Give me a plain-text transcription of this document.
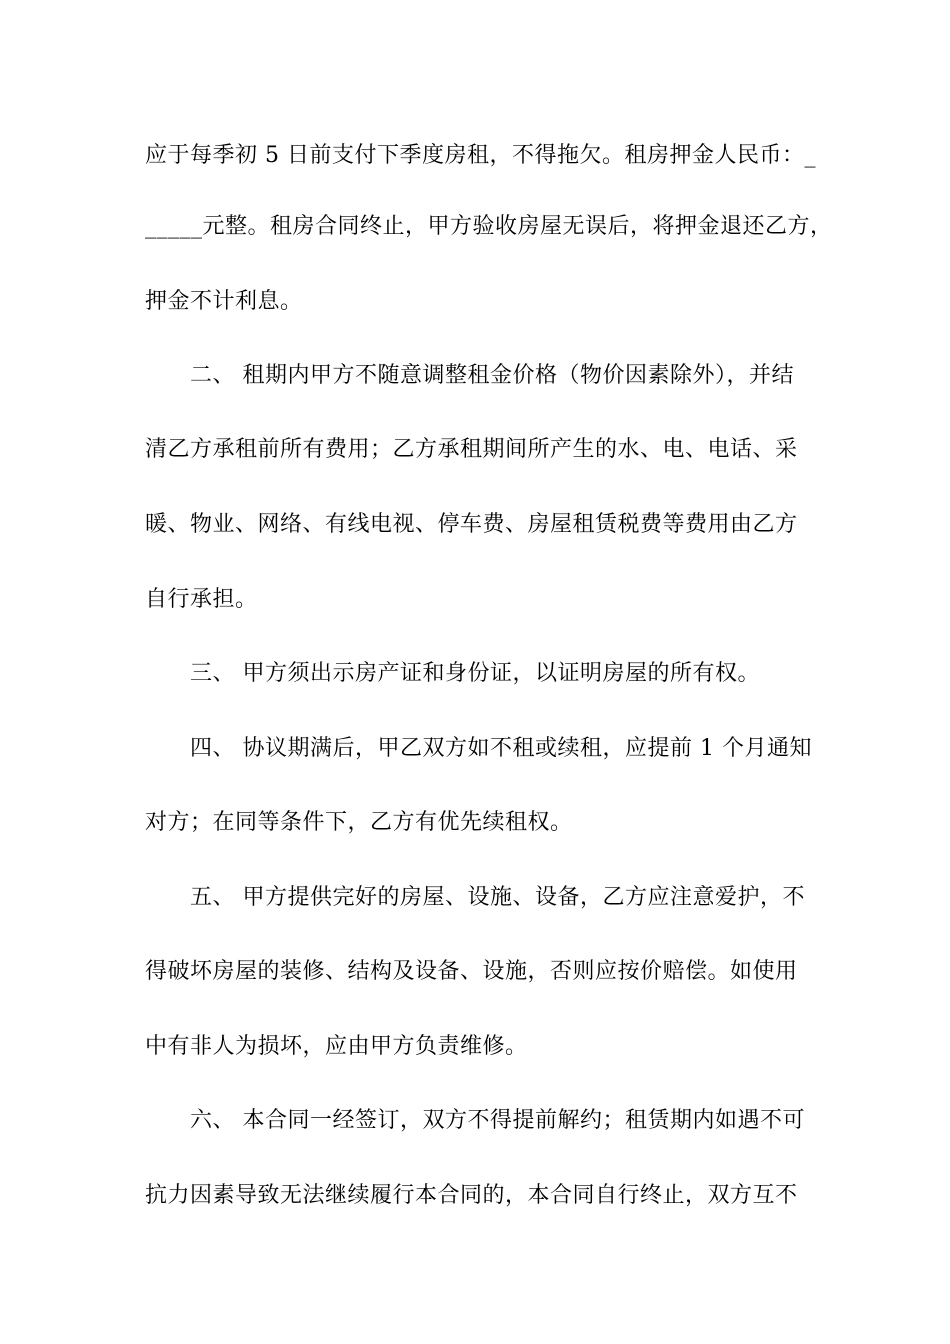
应于每季初 5 日前支付下季度房租，不得拖欠。租房押金人民币：_
_____元整。租房合同终止，甲方验收房屋无误后，将押金退还乙方，
押金不计利息。
二、 租期内甲方不随意调整租金价格（物价因素除外），并结
清乙方承租前所有费用；乙方承租期间所产生的水、电、电话、采
暖、物业、网络、有线电视、停车费、房屋租赁税费等费用由乙方
自行承担。
三、 甲方须出示房产证和身份证，以证明房屋的所有权。
四、 协议期满后，甲乙双方如不租或续租，应提前 1 个月通知
对方；在同等条件下，乙方有优先续租权。
五、 甲方提供完好的房屋、设施、设备，乙方应注意爱护，不
得破坏房屋的装修、结构及设备、设施，否则应按价赔偿。如使用
中有非人为损坏，应由甲方负责维修。
六、 本合同一经签订，双方不得提前解约；租赁期内如遇不可
抗力因素导致无法继续履行本合同的，本合同自行终止，双方互不
